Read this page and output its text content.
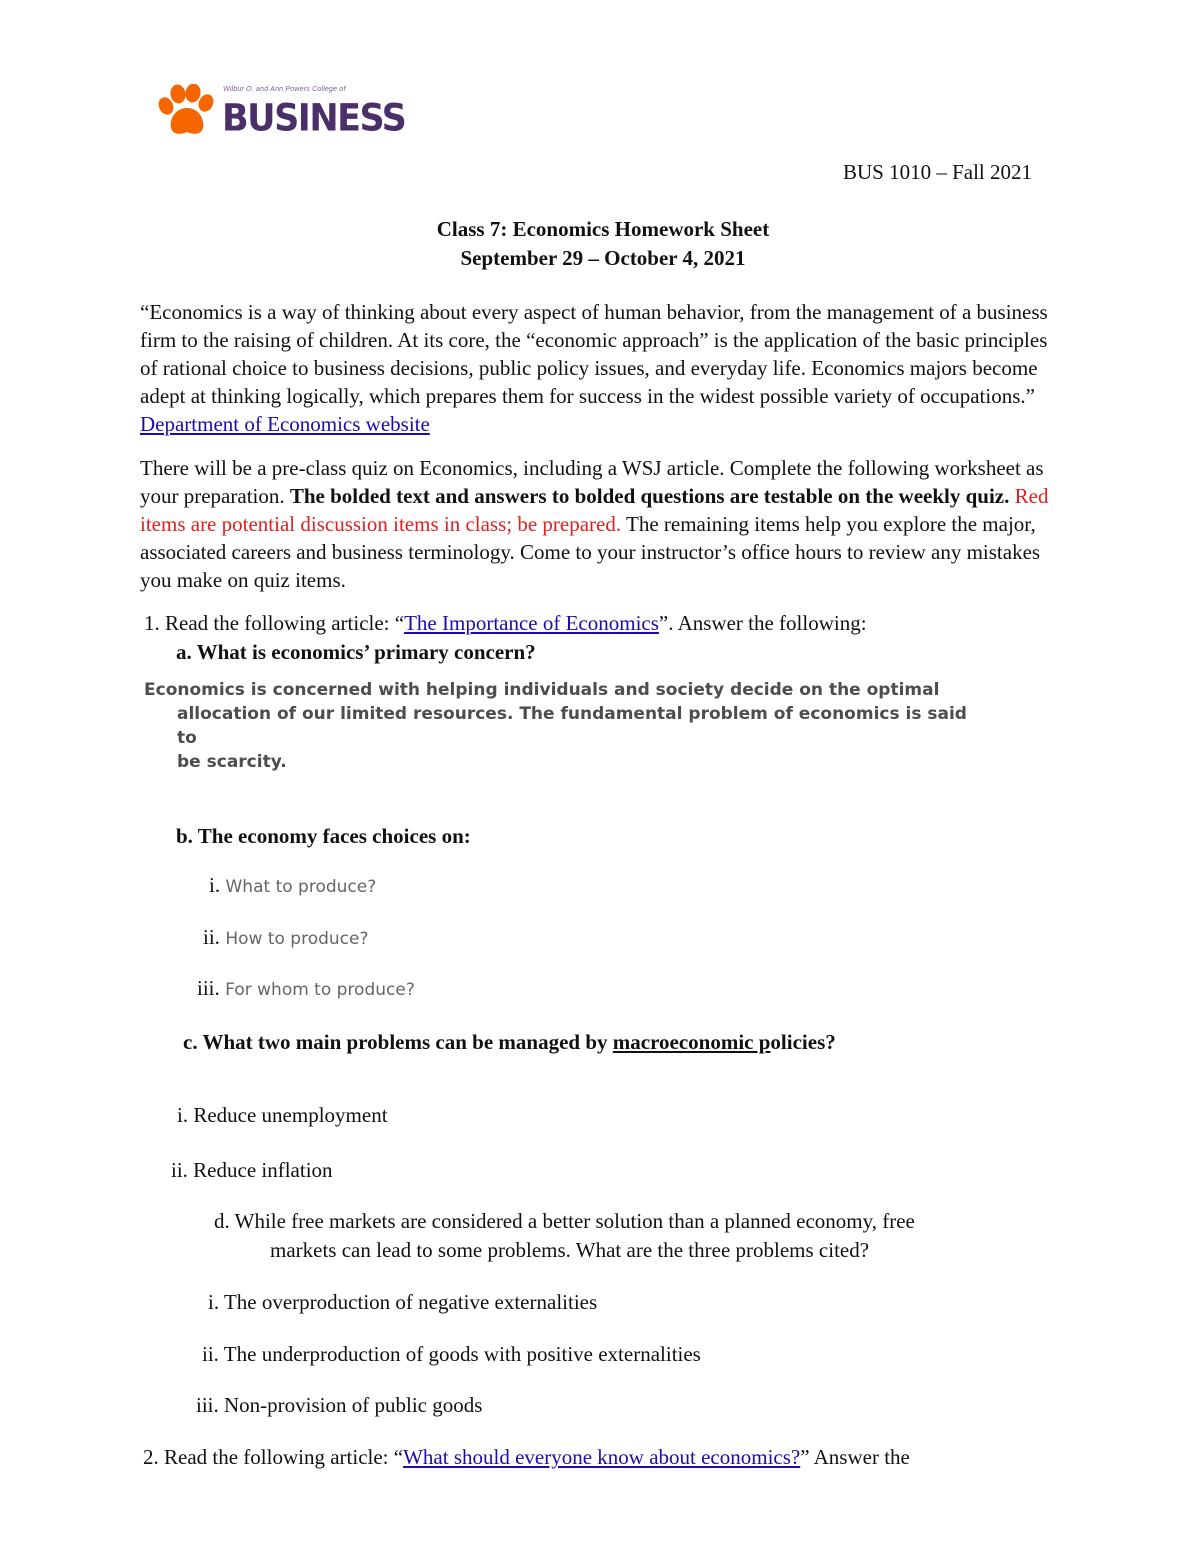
Wilbur O. and Ann Powers College of
BUSINESS
BUS 1010 – Fall 2021
Class 7: Economics Homework Sheet
September 29 – October 4, 2021
“Economics is a way of thinking about every aspect of human behavior, from the management of a business firm to the raising of children. At its core, the “economic approach” is the application of the basic principles of rational choice to business decisions, public policy issues, and everyday life. Economics majors become adept at thinking logically, which prepares them for success in the widest possible variety of occupations.” Department of Economics website
There will be a pre-class quiz on Economics, including a WSJ article. Complete the following worksheet as your preparation. The bolded text and answers to bolded questions are testable on the weekly quiz. Red items are potential discussion items in class; be prepared. The remaining items help you explore the major, associated careers and business terminology. Come to your instructor’s office hours to review any mistakes you make on quiz items.
1. Read the following article: “The Importance of Economics”. Answer the following:
a. What is economics’ primary concern?
Economics is concerned with helping individuals and society decide on the optimal
allocation of our limited resources. The fundamental problem of economics is said to
be scarcity.
b. The economy faces choices on:
i. What to produce?
ii. How to produce?
iii. For whom to produce?
c. What two main problems can be managed by macroeconomic policies?
i. Reduce unemployment
ii. Reduce inflation
d. While free markets are considered a better solution than a planned economy, free
markets can lead to some problems. What are the three problems cited?
i. The overproduction of negative externalities
ii. The underproduction of goods with positive externalities
iii. Non-provision of public goods
2. Read the following article: “What should everyone know about economics?” Answer the
